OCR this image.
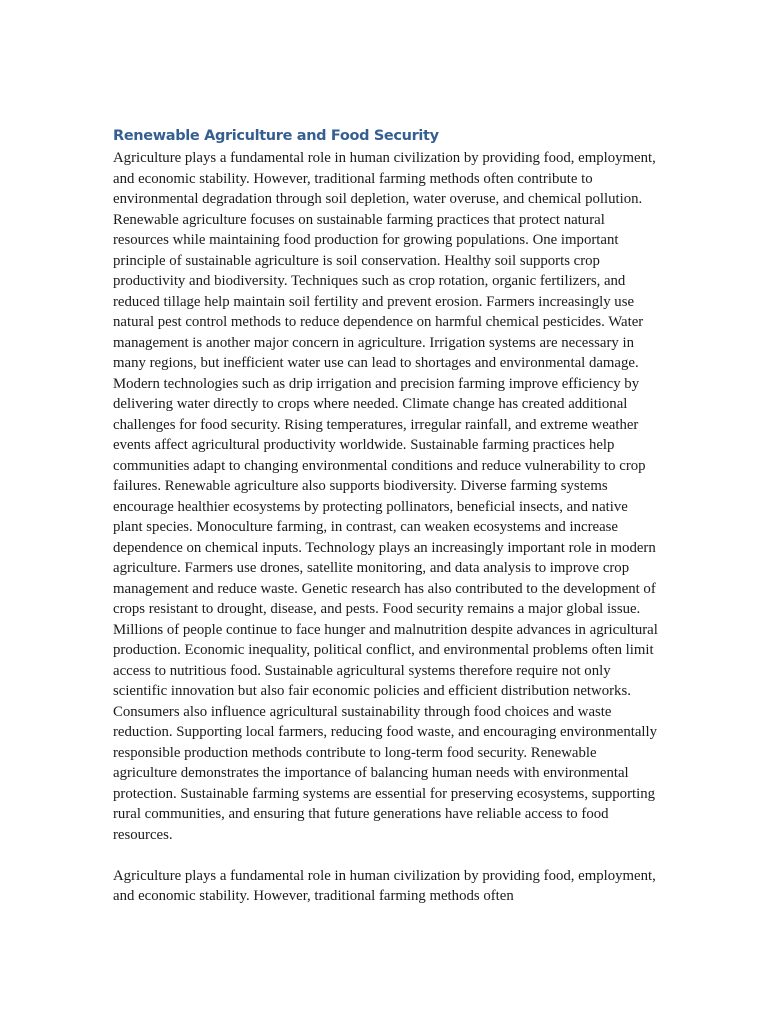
Renewable Agriculture and Food Security

Agriculture plays a fundamental role in human civilization by providing food, employment, and economic stability. However, traditional farming methods often contribute to environmental degradation through soil depletion, water overuse, and chemical pollution. Renewable agriculture focuses on sustainable farming practices that protect natural resources while maintaining food production for growing populations. One important principle of sustainable agriculture is soil conservation. Healthy soil supports crop productivity and biodiversity. Techniques such as crop rotation, organic fertilizers, and reduced tillage help maintain soil fertility and prevent erosion. Farmers increasingly use natural pest control methods to reduce dependence on harmful chemical pesticides. Water management is another major concern in agriculture. Irrigation systems are necessary in many regions, but inefficient water use can lead to shortages and environmental damage. Modern technologies such as drip irrigation and precision farming improve efficiency by delivering water directly to crops where needed. Climate change has created additional challenges for food security. Rising temperatures, irregular rainfall, and extreme weather events affect agricultural productivity worldwide. Sustainable farming practices help communities adapt to changing environmental conditions and reduce vulnerability to crop failures. Renewable agriculture also supports biodiversity. Diverse farming systems encourage healthier ecosystems by protecting pollinators, beneficial insects, and native plant species. Monoculture farming, in contrast, can weaken ecosystems and increase dependence on chemical inputs. Technology plays an increasingly important role in modern agriculture. Farmers use drones, satellite monitoring, and data analysis to improve crop management and reduce waste. Genetic research has also contributed to the development of crops resistant to drought, disease, and pests. Food security remains a major global issue. Millions of people continue to face hunger and malnutrition despite advances in agricultural production. Economic inequality, political conflict, and environmental problems often limit access to nutritious food. Sustainable agricultural systems therefore require not only scientific innovation but also fair economic policies and efficient distribution networks. Consumers also influence agricultural sustainability through food choices and waste reduction. Supporting local farmers, reducing food waste, and encouraging environmentally responsible production methods contribute to long-term food security. Renewable agriculture demonstrates the importance of balancing human needs with environmental protection. Sustainable farming systems are essential for preserving ecosystems, supporting rural communities, and ensuring that future generations have reliable access to food resources.

Agriculture plays a fundamental role in human civilization by providing food, employment, and economic stability. However, traditional farming methods often
